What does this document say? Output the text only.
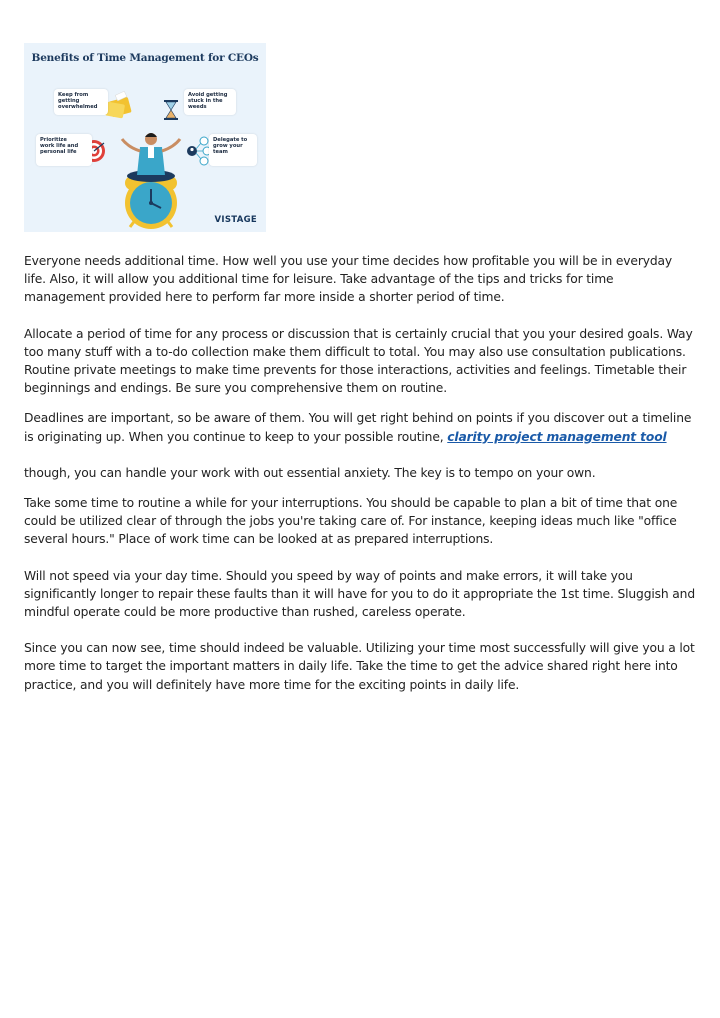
Benefits of Time Management for CEOs
Keep from getting
overwhelmed
Avoid getting
stuck in the weeds
Prioritize
work life and
personal life
Delegate to
grow your
team
VISTAGE

Everyone needs additional time. How well you use your time decides how profitable you will be in everyday life. Also, it will allow you additional time for leisure. Take advantage of the tips and tricks for time management provided here to perform far more inside a shorter period of time.

Allocate a period of time for any process or discussion that is certainly crucial that you your desired goals. Way too many stuff with a to-do collection make them difficult to total. You may also use consultation publications. Routine private meetings to make time prevents for those interactions, activities and feelings. Timetable their beginnings and endings. Be sure you comprehensive them on routine.

Deadlines are important, so be aware of them. You will get right behind on points if you discover out a timeline is originating up. When you continue to keep to your possible routine, clarity project management tool

though, you can handle your work with out essential anxiety. The key is to tempo on your own.

Take some time to routine a while for your interruptions. You should be capable to plan a bit of time that one could be utilized clear of through the jobs you're taking care of. For instance, keeping ideas much like "office several hours." Place of work time can be looked at as prepared interruptions.

Will not speed via your day time. Should you speed by way of points and make errors, it will take you significantly longer to repair these faults than it will have for you to do it appropriate the 1st time. Sluggish and mindful operate could be more productive than rushed, careless operate.

Since you can now see, time should indeed be valuable. Utilizing your time most successfully will give you a lot more time to target the important matters in daily life. Take the time to get the advice shared right here into practice, and you will definitely have more time for the exciting points in daily life.
